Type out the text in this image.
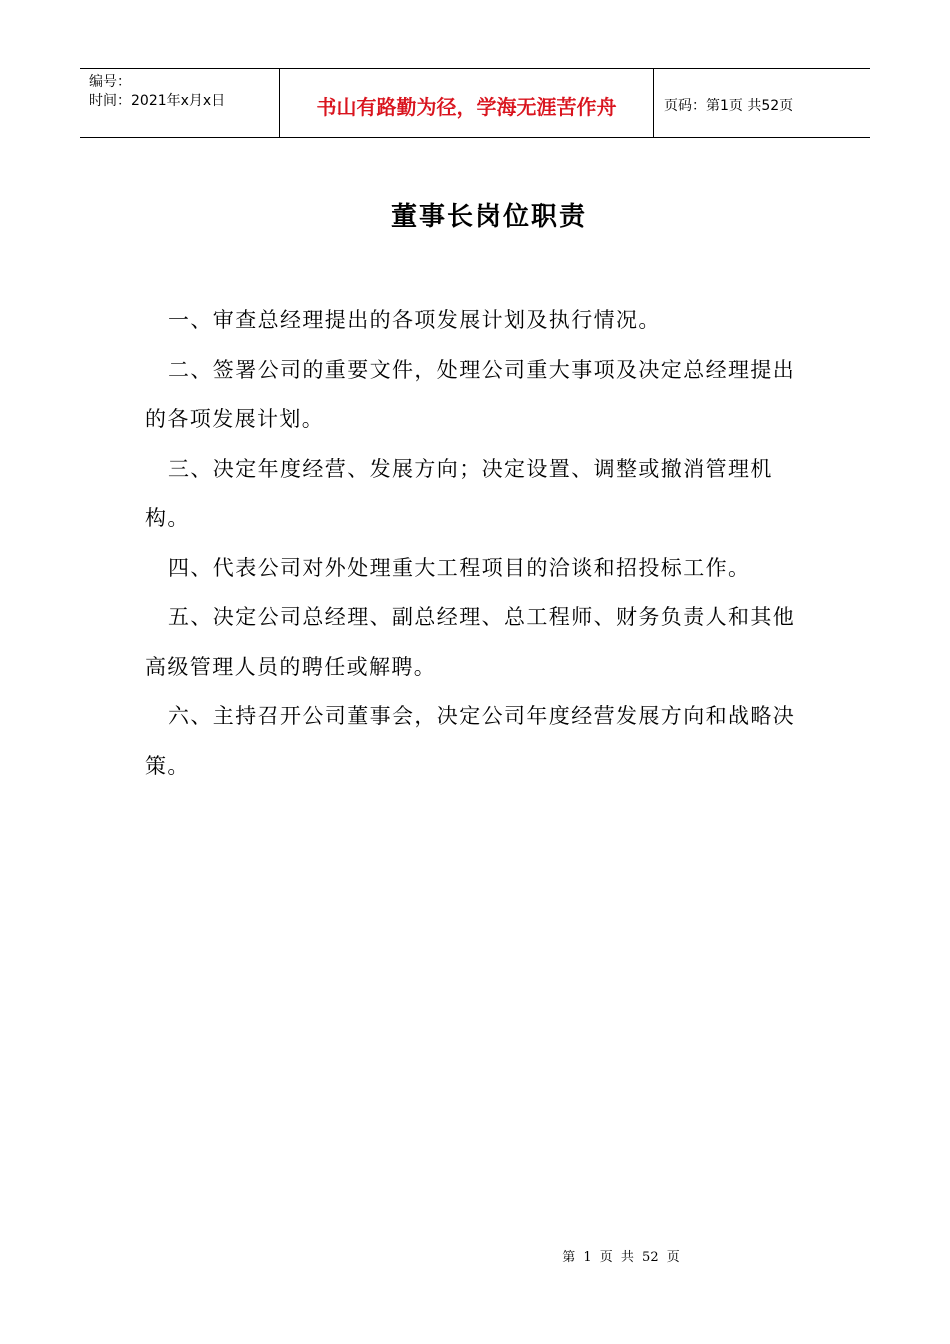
编号：
时间：2021年x月x日	书山有路勤为径，学海无涯苦作舟	页码：第1页 共52页
董事长岗位职责

一、审查总经理提出的各项发展计划及执行情况。

二、签署公司的重要文件，处理公司重大事项及决定总经理提出的各项发展计划。

三、决定年度经营、发展方向；决定设置、调整或撤消管理机构。

四、代表公司对外处理重大工程项目的洽谈和招投标工作。

五、决定公司总经理、副总经理、总工程师、财务负责人和其他高级管理人员的聘任或解聘。

六、主持召开公司董事会，决定公司年度经营发展方向和战略决策。

第 1 页 共 52 页
